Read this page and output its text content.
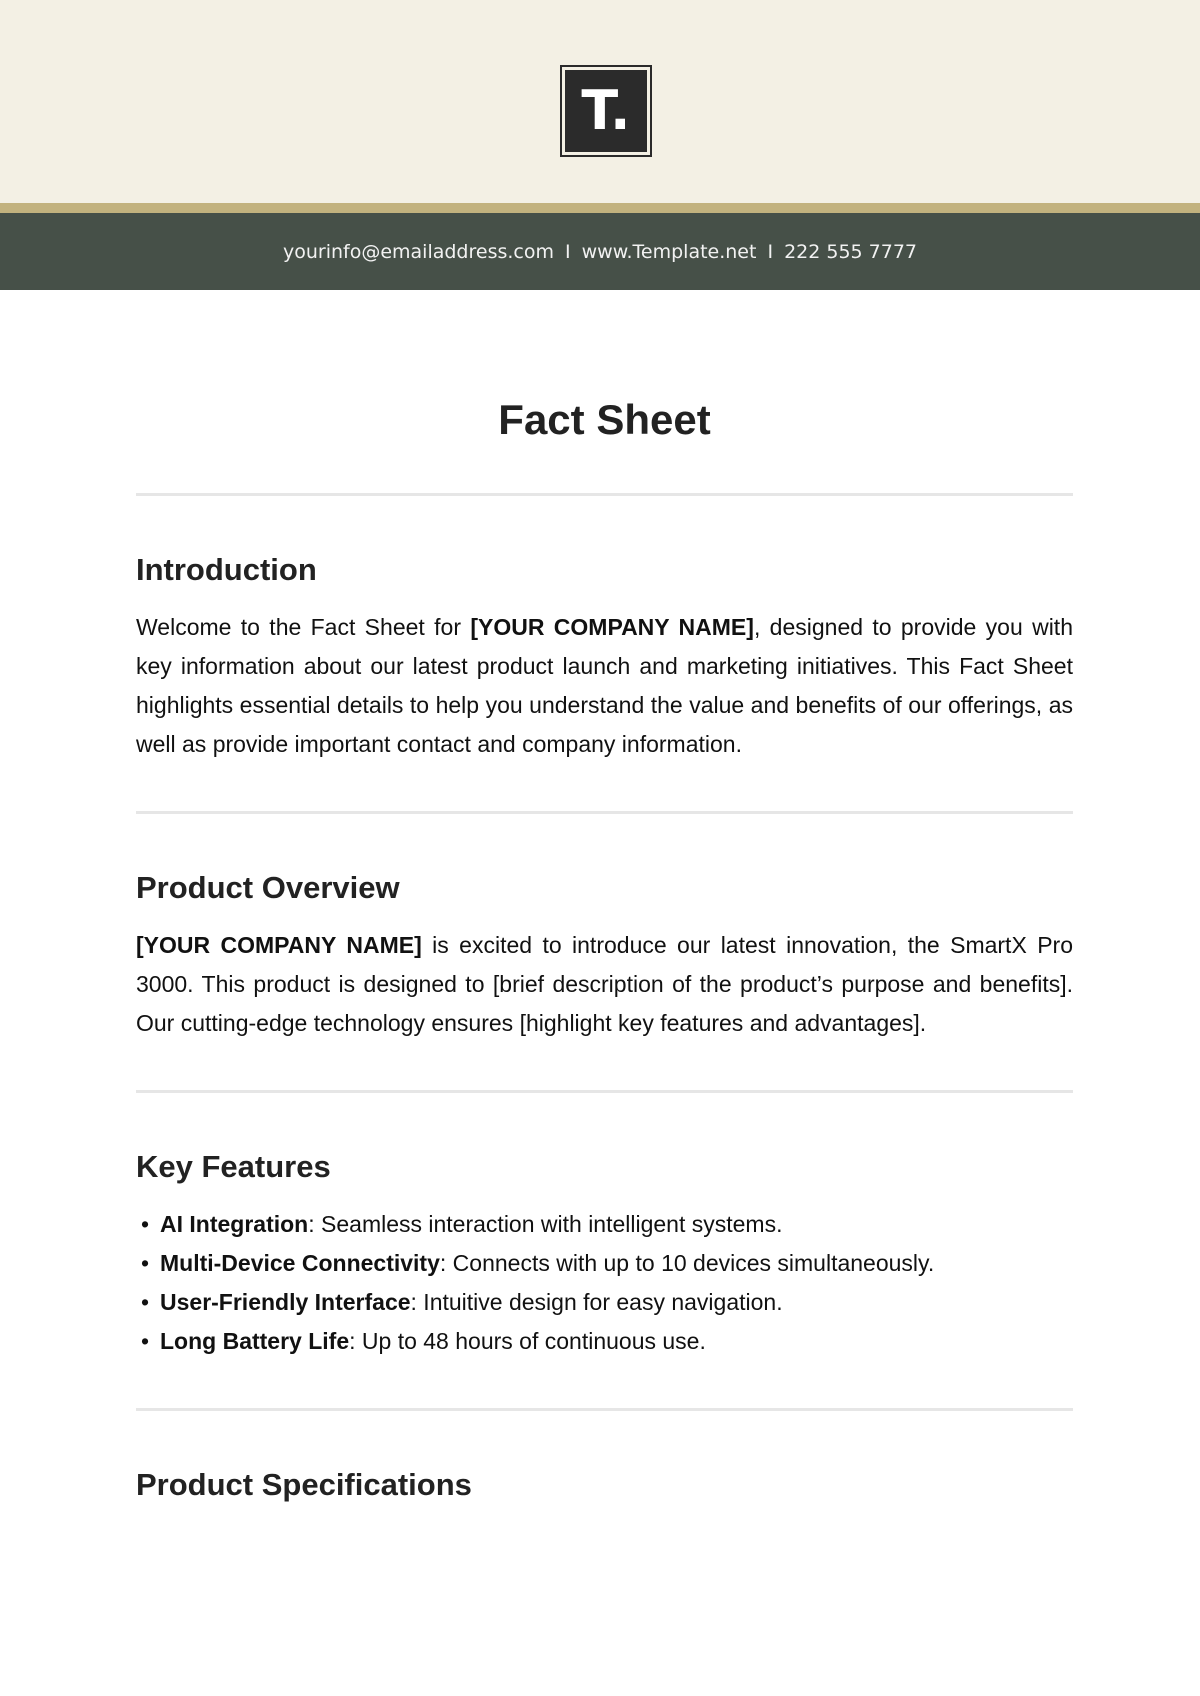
T.
yourinfo@emailaddress.com I www.Template.net I 222 555 7777
Fact Sheet
Introduction

Welcome to the Fact Sheet for [YOUR COMPANY NAME], designed to provide you with key information about our latest product launch and marketing initiatives. This Fact Sheet highlights essential details to help you understand the value and benefits of our offerings, as well as provide important contact and company information.

Product Overview

[YOUR COMPANY NAME] is excited to introduce our latest innovation, the SmartX Pro 3000. This product is designed to [brief description of the product’s purpose and benefits]. Our cutting-edge technology ensures [highlight key features and advantages].

Key Features
• AI Integration: Seamless interaction with intelligent systems.
• Multi-Device Connectivity: Connects with up to 10 devices simultaneously.
• User-Friendly Interface: Intuitive design for easy navigation.
• Long Battery Life: Up to 48 hours of continuous use.
Product Specifications
